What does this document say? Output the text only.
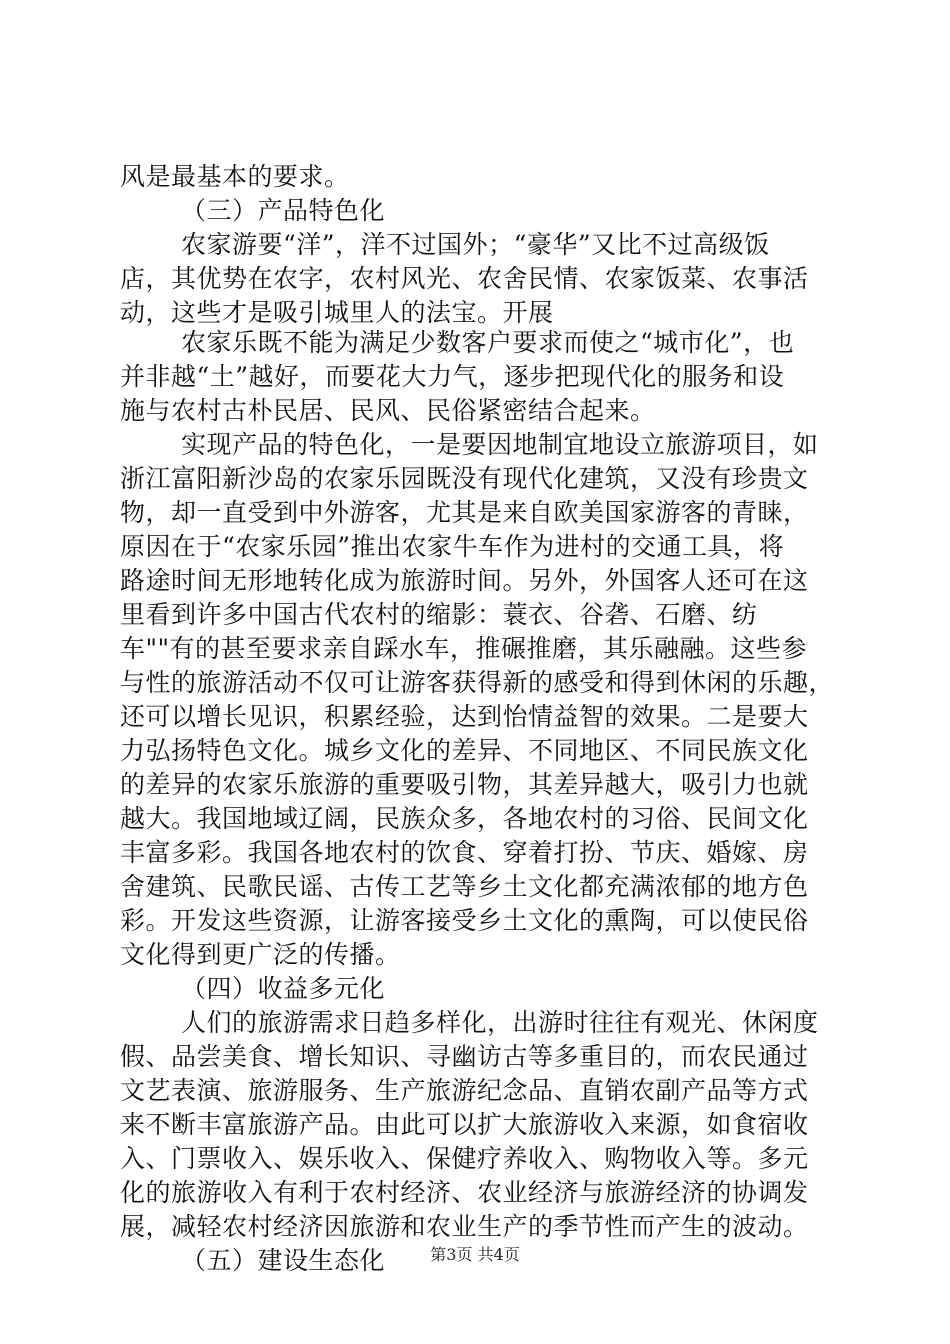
风是最基本的要求。
（三）产品特色化
农家游要“洋”，洋不过国外；“豪华”又比不过高级饭
店，其优势在农字，农村风光、农舍民情、农家饭菜、农事活
动，这些才是吸引城里人的法宝。开展
农家乐既不能为满足少数客户要求而使之“城市化”，也
并非越“土”越好，而要花大力气，逐步把现代化的服务和设
施与农村古朴民居、民风、民俗紧密结合起来。
实现产品的特色化，一是要因地制宜地设立旅游项目，如
浙江富阳新沙岛的农家乐园既没有现代化建筑，又没有珍贵文
物，却一直受到中外游客，尤其是来自欧美国家游客的青睐，
原因在于“农家乐园”推出农家牛车作为进村的交通工具，将
路途时间无形地转化成为旅游时间。另外，外国客人还可在这
里看到许多中国古代农村的缩影：蓑衣、谷砻、石磨、纺
车""有的甚至要求亲自踩水车，推碾推磨，其乐融融。这些参
与性的旅游活动不仅可让游客获得新的感受和得到休闲的乐趣，
还可以增长见识，积累经验，达到怡情益智的效果。二是要大
力弘扬特色文化。城乡文化的差异、不同地区、不同民族文化
的差异的农家乐旅游的重要吸引物，其差异越大，吸引力也就
越大。我国地域辽阔，民族众多，各地农村的习俗、民间文化
丰富多彩。我国各地农村的饮食、穿着打扮、节庆、婚嫁、房
舍建筑、民歌民谣、古传工艺等乡土文化都充满浓郁的地方色
彩。开发这些资源，让游客接受乡土文化的熏陶，可以使民俗
文化得到更广泛的传播。
（四）收益多元化
人们的旅游需求日趋多样化，出游时往往有观光、休闲度
假、品尝美食、增长知识、寻幽访古等多重目的，而农民通过
文艺表演、旅游服务、生产旅游纪念品、直销农副产品等方式
来不断丰富旅游产品。由此可以扩大旅游收入来源，如食宿收
入、门票收入、娱乐收入、保健疗养收入、购物收入等。多元
化的旅游收入有利于农村经济、农业经济与旅游经济的协调发
展，减轻农村经济因旅游和农业生产的季节性而产生的波动。
（五）建设生态化	第3页 共4页
